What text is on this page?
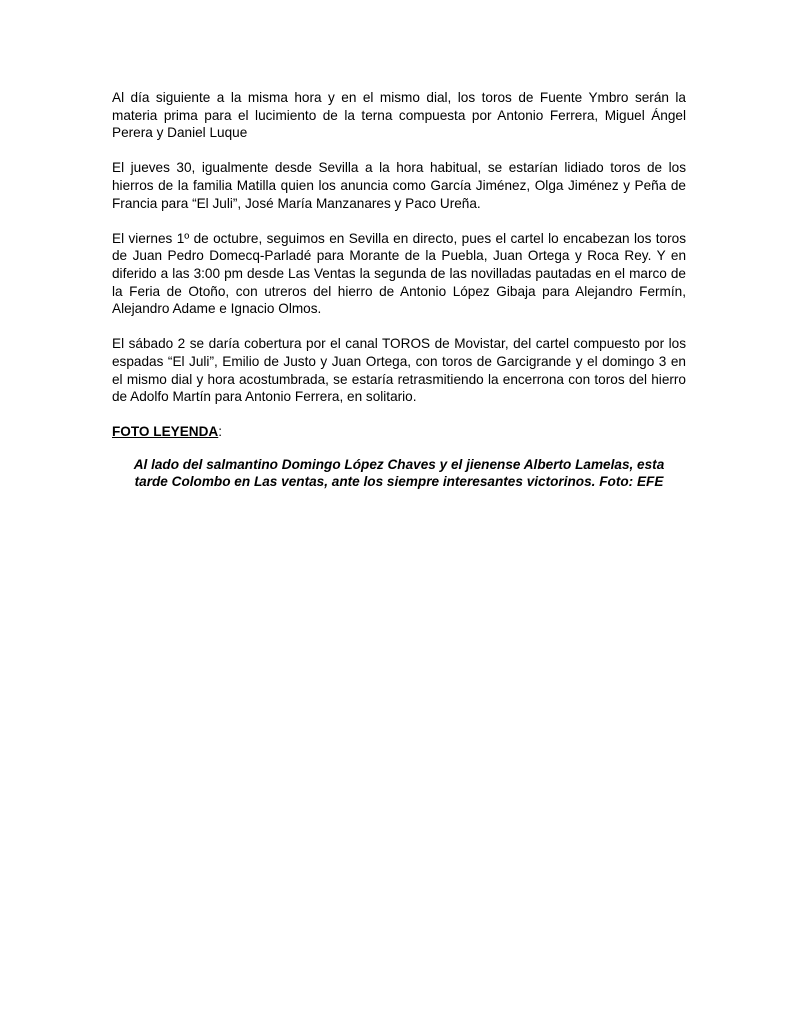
Al día siguiente a la misma hora y en el mismo dial, los toros de Fuente Ymbro serán la materia prima para el lucimiento de la terna compuesta por Antonio Ferrera, Miguel Ángel Perera y Daniel Luque

El jueves 30, igualmente desde Sevilla a la hora habitual, se estarían lidiado toros de los hierros de la familia Matilla quien los anuncia como García Jiménez, Olga Jiménez y Peña de Francia para “El Juli”, José María Manzanares y Paco Ureña.

El viernes 1º de octubre, seguimos en Sevilla en directo, pues el cartel lo encabezan los toros de Juan Pedro Domecq-Parladé para Morante de la Puebla, Juan Ortega y Roca Rey. Y en diferido a las 3:00 pm desde Las Ventas la segunda de las novilladas pautadas en el marco de la Feria de Otoño, con utreros del hierro de Antonio López Gibaja para Alejandro Fermín, Alejandro Adame e Ignacio Olmos.

El sábado 2 se daría cobertura por el canal TOROS de Movistar, del cartel compuesto por los espadas “El Juli”, Emilio de Justo y Juan Ortega, con toros de Garcigrande y el domingo 3 en el mismo dial y hora acostumbrada, se estaría retrasmitiendo la encerrona con toros del hierro de Adolfo Martín para Antonio Ferrera, en solitario.

FOTO LEYENDA:

Al lado del salmantino Domingo López Chaves y el jienense Alberto Lamelas, esta tarde Colombo en Las ventas, ante los siempre interesantes victorinos. Foto: EFE
